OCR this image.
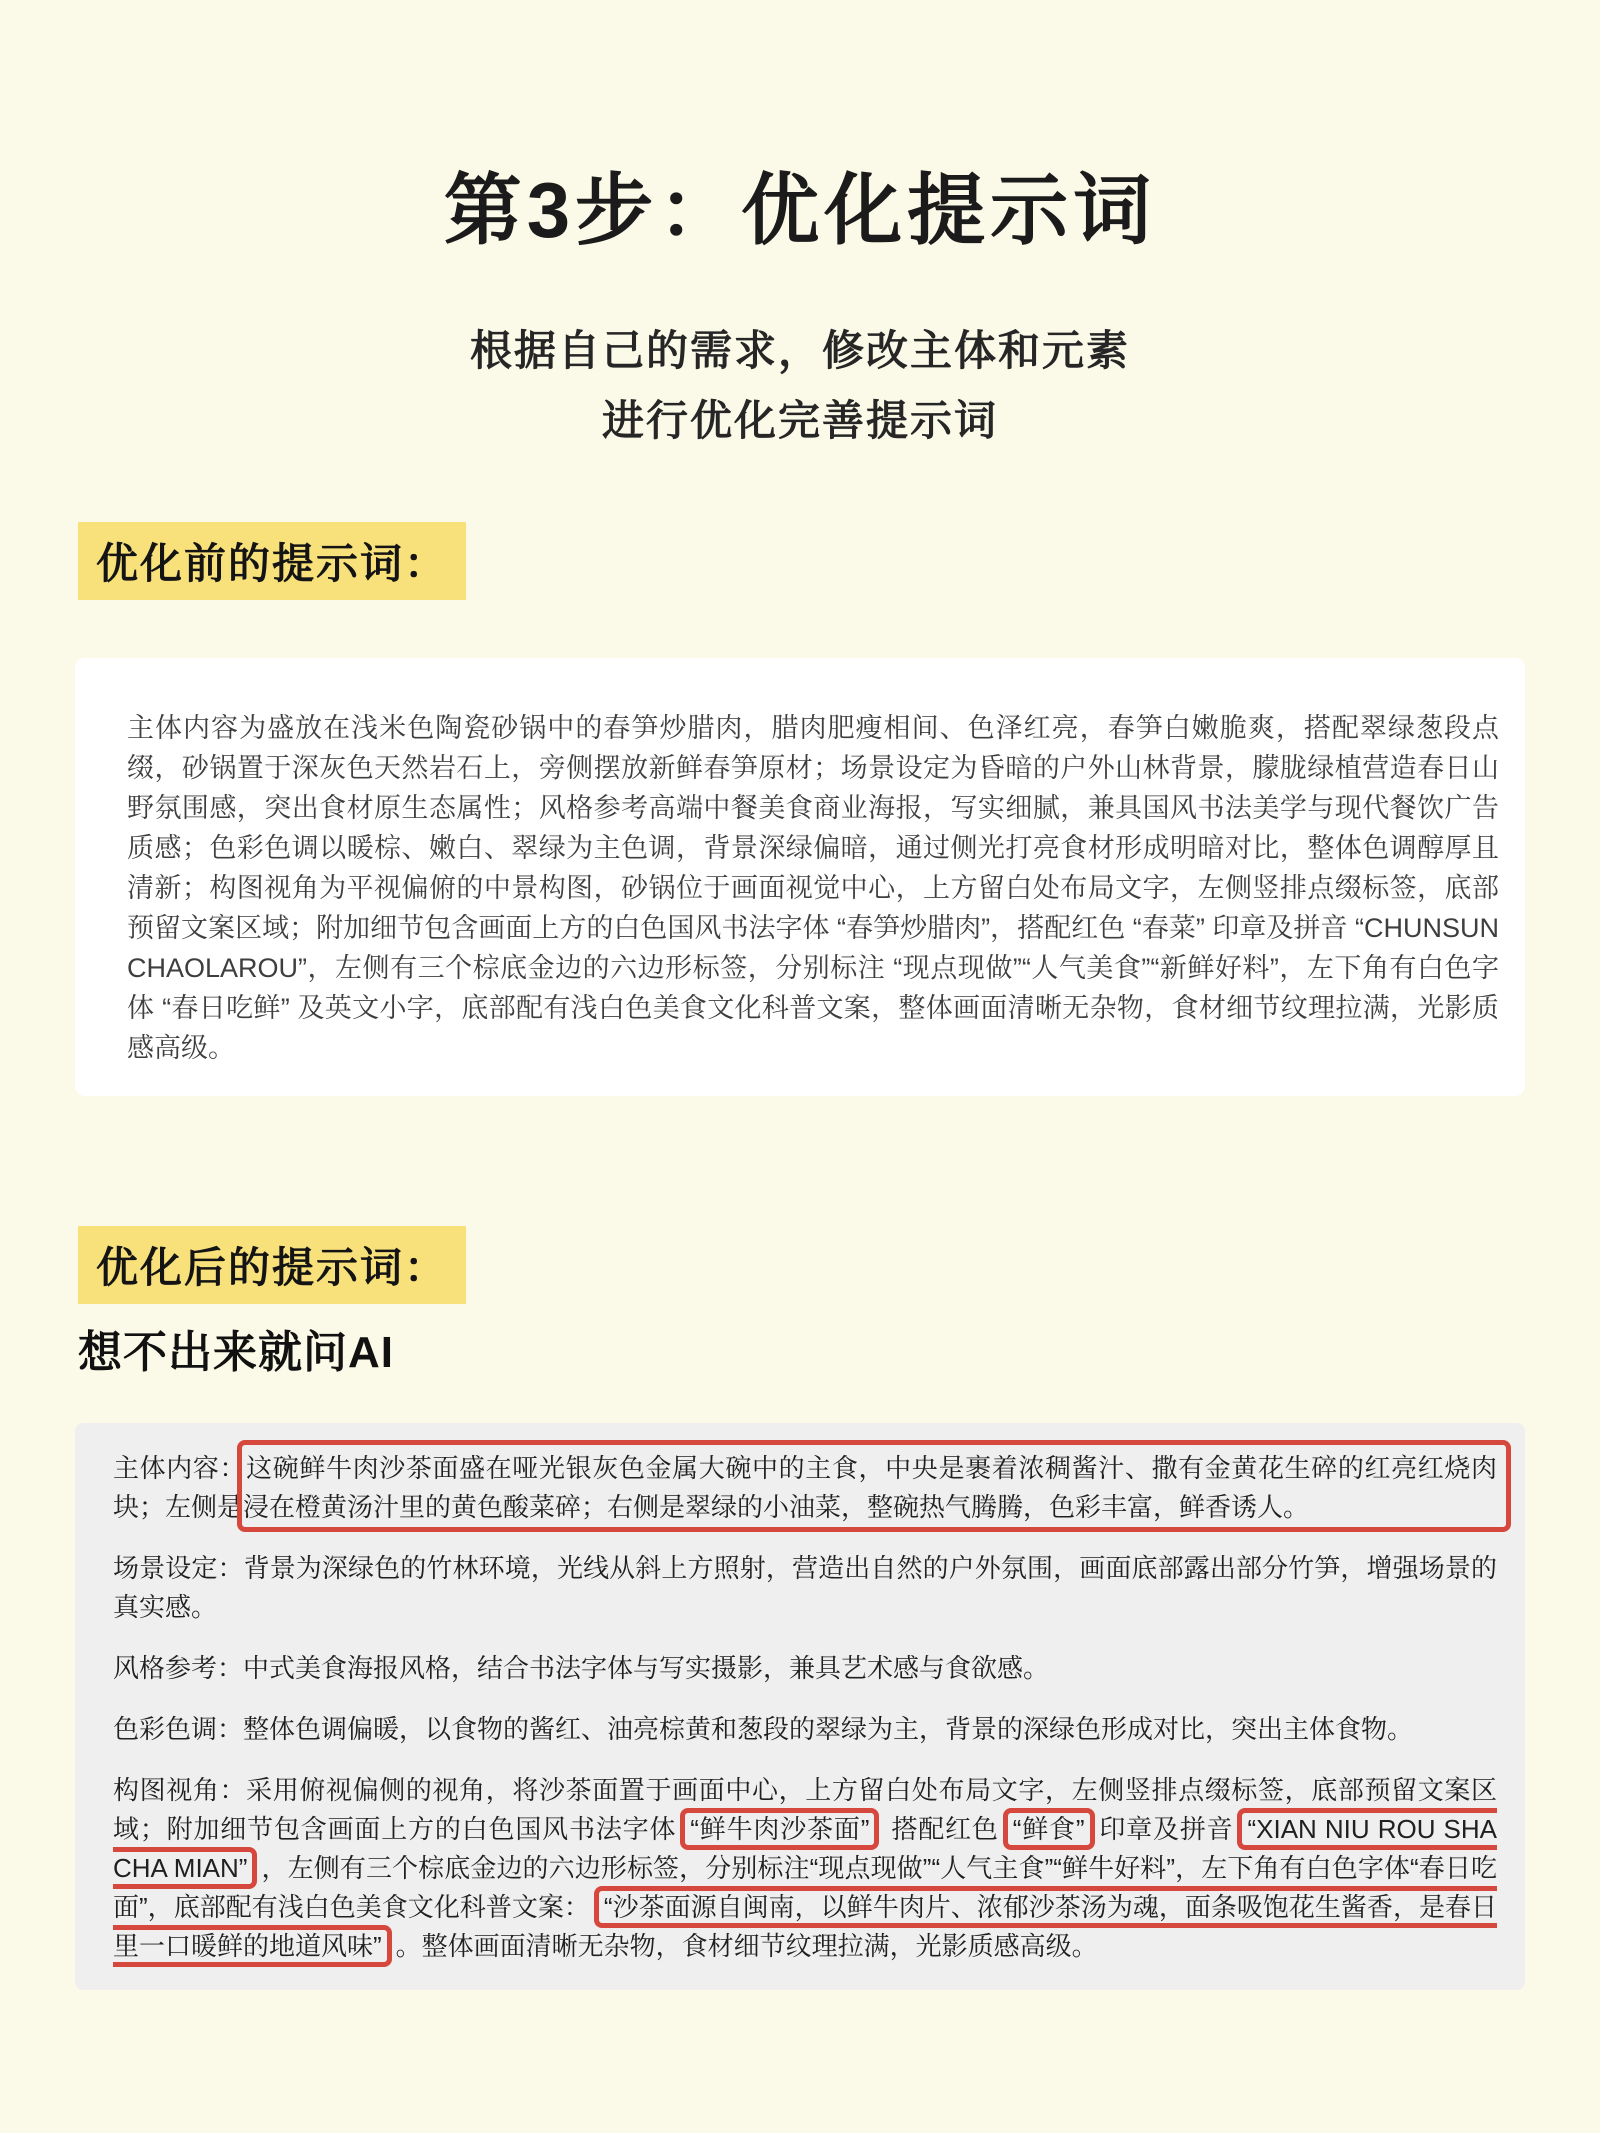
第3步：优化提示词
根据自己的需求，修改主体和元素
进行优化完善提示词
优化前的提示词：

主体内容为盛放在浅米色陶瓷砂锅中的春笋炒腊肉，腊肉肥瘦相间、色泽红亮，春笋白嫩脆爽，搭配翠绿葱段点缀，砂锅置于深灰色天然岩石上，旁侧摆放新鲜春笋原材；场景设定为昏暗的户外山林背景，朦胧绿植营造春日山野氛围感，突出食材原生态属性；风格参考高端中餐美食商业海报，写实细腻，兼具国风书法美学与现代餐饮广告质感；色彩色调以暖棕、嫩白、翠绿为主色调，背景深绿偏暗，通过侧光打亮食材形成明暗对比，整体色调醇厚且清新；构图视角为平视偏俯的中景构图，砂锅位于画面视觉中心，上方留白处布局文字，左侧竖排点缀标签，底部预留文案区域；附加细节包含画面上方的白色国风书法字体 “春笋炒腊肉”，搭配红色 “春菜” 印章及拼音 “CHUNSUN CHAOLAROU”，左侧有三个棕底金边的六边形标签，分别标注 “现点现做”“人气美食”“新鲜好料”，左下角有白色字体 “春日吃鲜” 及英文小字，底部配有浅白色美食文化科普文案，整体画面清晰无杂物，食材细节纹理拉满，光影质感高级。

优化后的提示词：
想不出来就问AI

主体内容：这碗鲜牛肉沙茶面盛在哑光银灰色金属大碗中的主食，中央是裹着浓稠酱汁、撒有金黄花生碎的红亮红烧肉块；左侧是浸在橙黄汤汁里的黄色酸菜碎；右侧是翠绿的小油菜，整碗热气腾腾，色彩丰富，鲜香诱人。

场景设定：背景为深绿色的竹林环境，光线从斜上方照射，营造出自然的户外氛围，画面底部露出部分竹笋，增强场景的真实感。

风格参考：中式美食海报风格，结合书法字体与写实摄影，兼具艺术感与食欲感。

色彩色调：整体色调偏暖，以食物的酱红、油亮棕黄和葱段的翠绿为主，背景的深绿色形成对比，突出主体食物。

构图视角：采用俯视偏侧的视角，将沙茶面置于画面中心，上方留白处布局文字，左侧竖排点缀标签，底部预留文案区域；附加细节包含画面上方的白色国风书法字体 “鲜牛肉沙茶面” 搭配红色 “鲜食” 印章及拼音 “XIAN NIU ROU SHA CHA MIAN” ，左侧有三个棕底金边的六边形标签，分别标注“现点现做”“人气主食”“鲜牛好料”，左下角有白色字体“春日吃面”，底部配有浅白色美食文化科普文案： “沙茶面源自闽南，以鲜牛肉片、浓郁沙茶汤为魂，面条吸饱花生酱香，是春日里一口暖鲜的地道风味” 。整体画面清晰无杂物，食材细节纹理拉满，光影质感高级。
